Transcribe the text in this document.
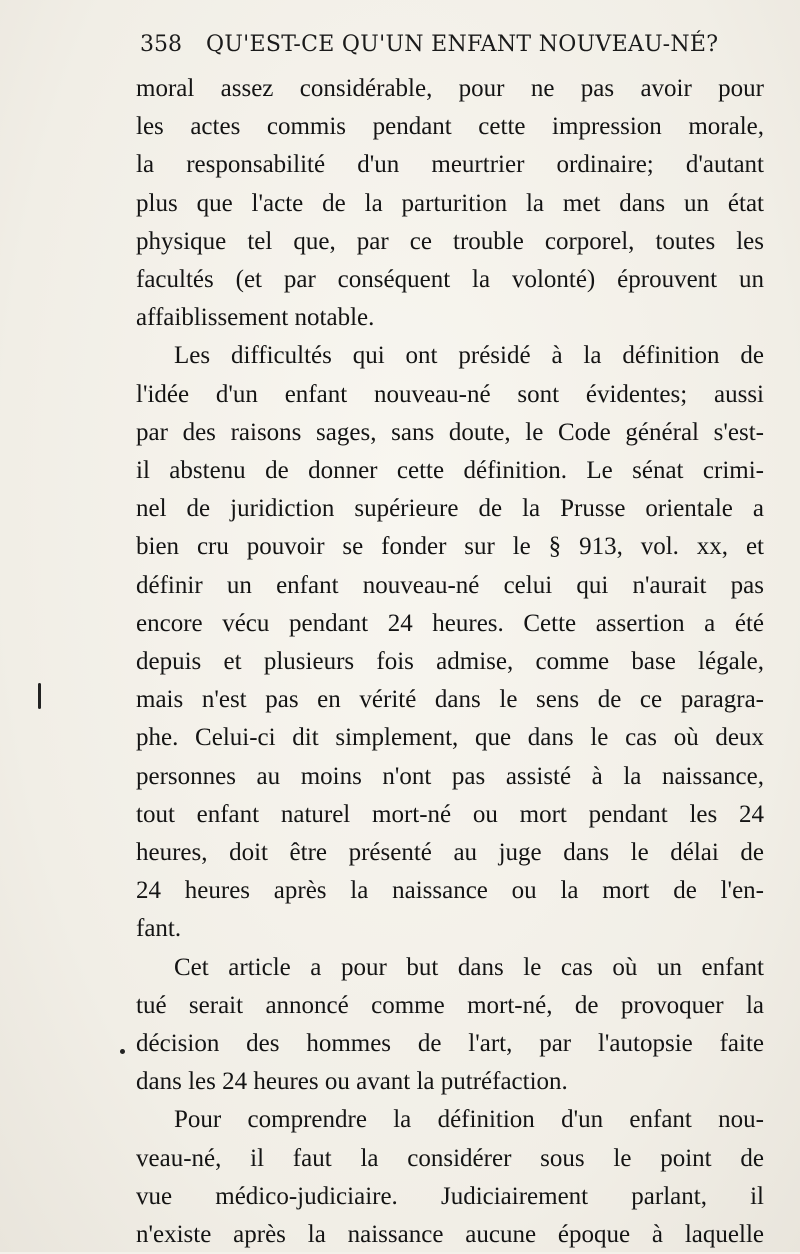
358 QU'EST-CE QU'UN ENFANT NOUVEAU-NÉ?
moral assez considérable, pour ne pas avoir pour
les actes commis pendant cette impression morale,
la responsabilité d'un meurtrier ordinaire; d'autant
plus que l'acte de la parturition la met dans un état
physique tel que, par ce trouble corporel, toutes les
facultés (et par conséquent la volonté) éprouvent un
affaiblissement notable.
Les difficultés qui ont présidé à la définition de
l'idée d'un enfant nouveau-né sont évidentes; aussi
par des raisons sages, sans doute, le Code général s'est-
il abstenu de donner cette définition. Le sénat crimi-
nel de juridiction supérieure de la Prusse orientale a
bien cru pouvoir se fonder sur le § 913, vol. xx, et
définir un enfant nouveau-né celui qui n'aurait pas
encore vécu pendant 24 heures. Cette assertion a été
depuis et plusieurs fois admise, comme base légale,
mais n'est pas en vérité dans le sens de ce paragra-
phe. Celui-ci dit simplement, que dans le cas où deux
personnes au moins n'ont pas assisté à la naissance,
tout enfant naturel mort-né ou mort pendant les 24
heures, doit être présenté au juge dans le délai de
24 heures après la naissance ou la mort de l'en-
fant.
Cet article a pour but dans le cas où un enfant
tué serait annoncé comme mort-né, de provoquer la
décision des hommes de l'art, par l'autopsie faite
dans les 24 heures ou avant la putréfaction.
Pour comprendre la définition d'un enfant nou-
veau-né, il faut la considérer sous le point de
vue médico-judiciaire. Judiciairement parlant, il
n'existe après la naissance aucune époque à laquelle
